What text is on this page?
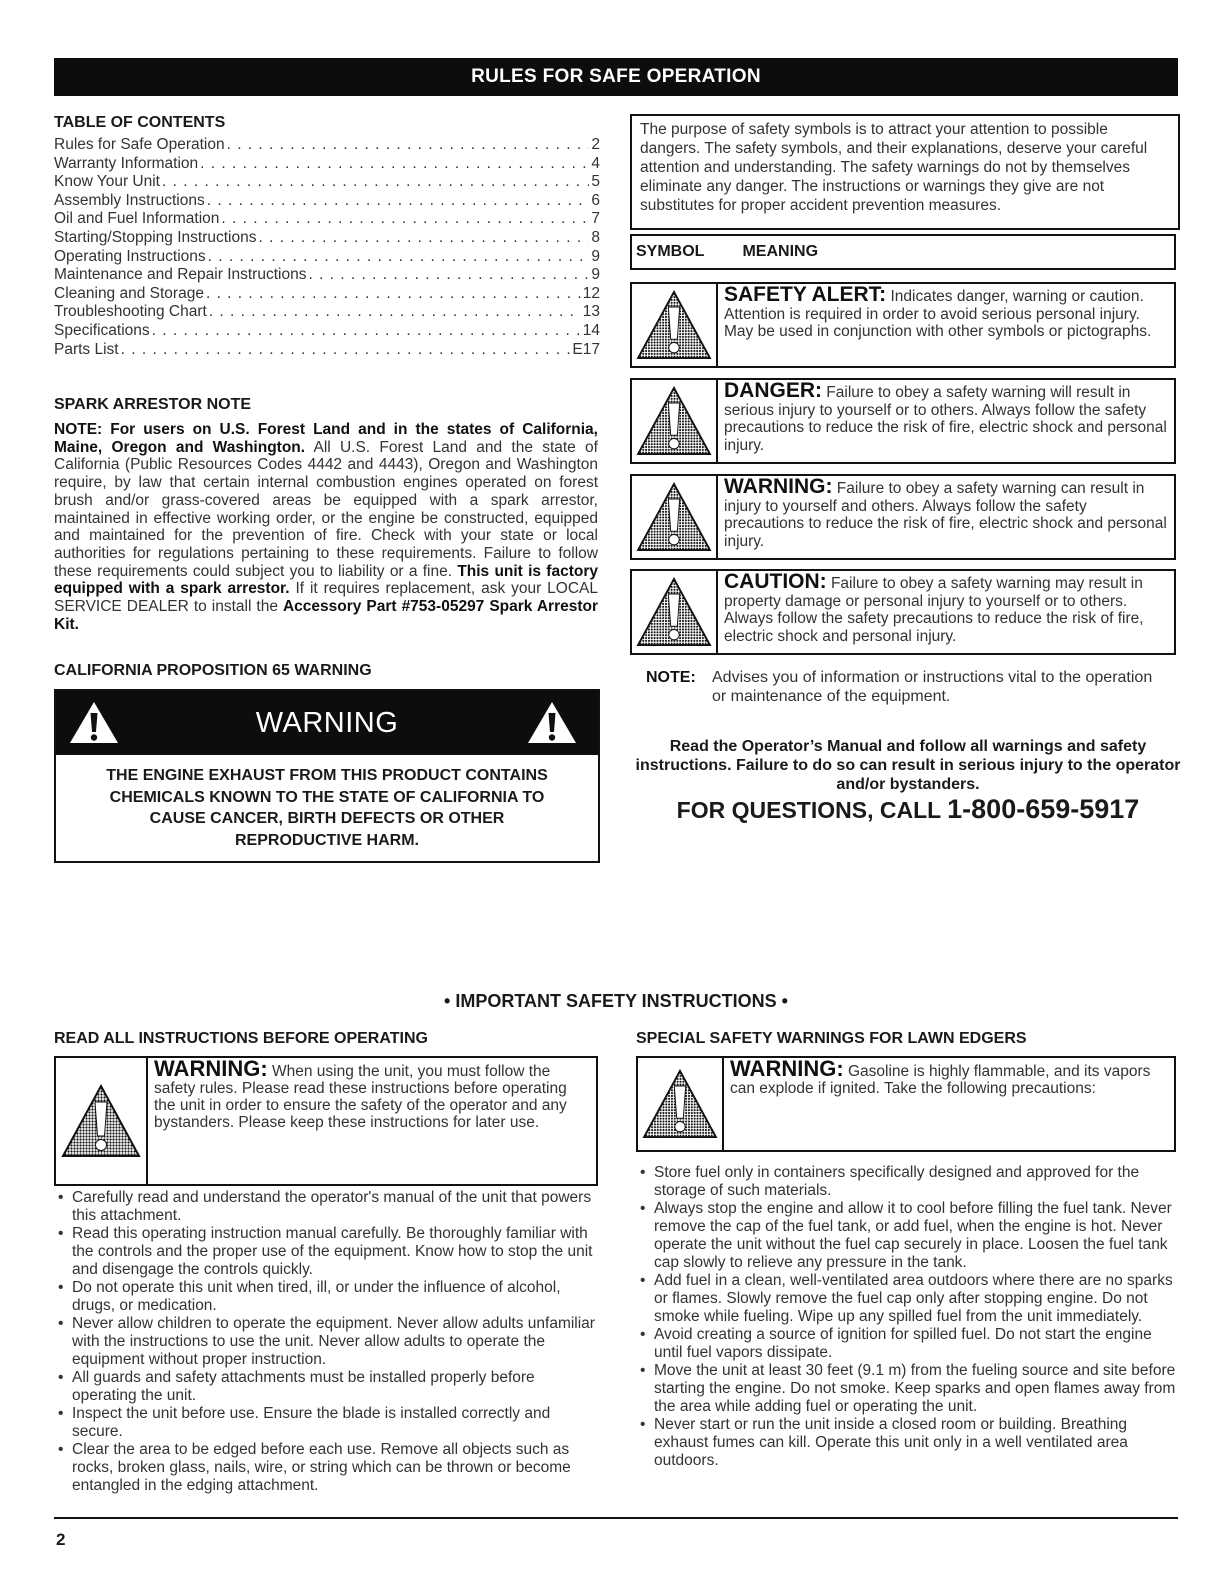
RULES FOR SAFE OPERATION
TABLE OF CONTENTS
Rules for Safe Operation . . .	2
Warranty Information . . .	4
Know Your Unit . . .	5
Assembly Instructions . . .	6
Oil and Fuel Information . . .	7
Starting/Stopping Instructions . . .	8
Operating Instructions . . .	9
Maintenance and Repair Instructions . . .	9
Cleaning and Storage . . .	12
Troubleshooting Chart . . .	13
Specifications . . .	14
Parts List . . .	E17
SPARK ARRESTOR NOTE
NOTE: For users on U.S. Forest Land and in the states of California, Maine, Oregon and Washington. All U.S. Forest Land and the state of California (Public Resources Codes 4442 and 4443), Oregon and Washington require, by law that certain internal combustion engines operated on forest brush and/or grass-covered areas be equipped with a spark arrestor, maintained in effective working order, or the engine be constructed, equipped and maintained for the prevention of fire. Check with your state or local authorities for regulations pertaining to these requirements. Failure to follow these requirements could subject you to liability or a fine. This unit is factory equipped with a spark arrestor. If it requires replacement, ask your LOCAL SERVICE DEALER to install the Accessory Part #753-05297 Spark Arrestor Kit.
CALIFORNIA PROPOSITION 65 WARNING
WARNING
THE ENGINE EXHAUST FROM THIS PRODUCT CONTAINS CHEMICALS KNOWN TO THE STATE OF CALIFORNIA TO CAUSE CANCER, BIRTH DEFECTS OR OTHER REPRODUCTIVE HARM.
The purpose of safety symbols is to attract your attention to possible dangers. The safety symbols, and their explanations, deserve your careful attention and understanding. The safety warnings do not by themselves eliminate any danger. The instructions or warnings they give are not substitutes for proper accident prevention measures.
SYMBOL MEANING
SAFETY ALERT: Indicates danger, warning or caution. Attention is required in order to avoid serious personal injury. May be used in conjunction with other symbols or pictographs.
DANGER: Failure to obey a safety warning will result in serious injury to yourself or to others. Always follow the safety precautions to reduce the risk of fire, electric shock and personal injury.
WARNING: Failure to obey a safety warning can result in injury to yourself and others. Always follow the safety precautions to reduce the risk of fire, electric shock and personal injury.
CAUTION: Failure to obey a safety warning may result in property damage or personal injury to yourself or to others. Always follow the safety precautions to reduce the risk of fire, electric shock and personal injury.
NOTE:	Advises you of information or instructions vital to the operation or maintenance of the equipment.
Read the Operator’s Manual and follow all warnings and safety instructions. Failure to do so can result in serious injury to the operator and/or bystanders.
FOR QUESTIONS, CALL 1-800-659-5917
• IMPORTANT SAFETY INSTRUCTIONS •
READ ALL INSTRUCTIONS BEFORE OPERATING
WARNING: When using the unit, you must follow the safety rules. Please read these instructions before operating the unit in order to ensure the safety of the operator and any bystanders. Please keep these instructions for later use.
• Carefully read and understand the operator's manual of the unit that powers this attachment.
• Read this operating instruction manual carefully. Be thoroughly familiar with the controls and the proper use of the equipment. Know how to stop the unit and disengage the controls quickly.
• Do not operate this unit when tired, ill, or under the influence of alcohol, drugs, or medication.
• Never allow children to operate the equipment. Never allow adults unfamiliar with the instructions to use the unit. Never allow adults to operate the equipment without proper instruction.
• All guards and safety attachments must be installed properly before operating the unit.
• Inspect the unit before use. Ensure the blade is installed correctly and secure.
• Clear the area to be edged before each use. Remove all objects such as rocks, broken glass, nails, wire, or string which can be thrown or become entangled in the edging attachment.
SPECIAL SAFETY WARNINGS FOR LAWN EDGERS
WARNING: Gasoline is highly flammable, and its vapors can explode if ignited. Take the following precautions:
• Store fuel only in containers specifically designed and approved for the storage of such materials.
• Always stop the engine and allow it to cool before filling the fuel tank. Never remove the cap of the fuel tank, or add fuel, when the engine is hot. Never operate the unit without the fuel cap securely in place. Loosen the fuel tank cap slowly to relieve any pressure in the tank.
• Add fuel in a clean, well-ventilated area outdoors where there are no sparks or flames. Slowly remove the fuel cap only after stopping engine. Do not smoke while fueling. Wipe up any spilled fuel from the unit immediately.
• Avoid creating a source of ignition for spilled fuel. Do not start the engine until fuel vapors dissipate.
• Move the unit at least 30 feet (9.1 m) from the fueling source and site before starting the engine. Do not smoke. Keep sparks and open flames away from the area while adding fuel or operating the unit.
• Never start or run the unit inside a closed room or building. Breathing exhaust fumes can kill. Operate this unit only in a well ventilated area outdoors.
2
